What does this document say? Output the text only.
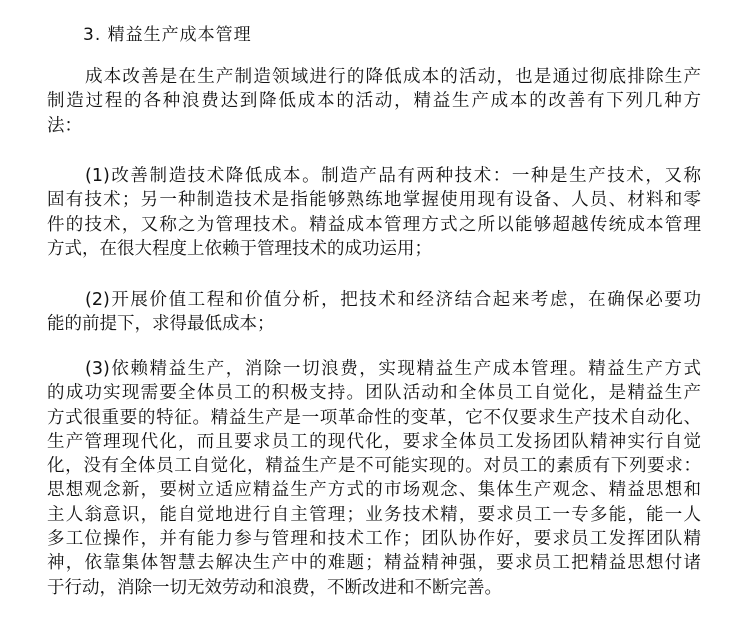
3. 精益生产成本管理
成本改善是在生产制造领域进行的降低成本的活动，也是通过彻底排除生产
制造过程的各种浪费达到降低成本的活动，精益生产成本的改善有下列几种方
法：
(1)改善制造技术降低成本。制造产品有两种技术：一种是生产技术，又称
固有技术；另一种制造技术是指能够熟练地掌握使用现有设备、人员、材料和零
件的技术，又称之为管理技术。精益成本管理方式之所以能够超越传统成本管理
方式，在很大程度上依赖于管理技术的成功运用；
(2)开展价值工程和价值分析，把技术和经济结合起来考虑，在确保必要功
能的前提下，求得最低成本；
(3)依赖精益生产，消除一切浪费，实现精益生产成本管理。精益生产方式
的成功实现需要全体员工的积极支持。团队活动和全体员工自觉化，是精益生产
方式很重要的特征。精益生产是一项革命性的变革，它不仅要求生产技术自动化、
生产管理现代化，而且要求员工的现代化，要求全体员工发扬团队精神实行自觉
化，没有全体员工自觉化，精益生产是不可能实现的。对员工的素质有下列要求：
思想观念新，要树立适应精益生产方式的市场观念、集体生产观念、精益思想和
主人翁意识，能自觉地进行自主管理；业务技术精，要求员工一专多能，能一人
多工位操作，并有能力参与管理和技术工作；团队协作好，要求员工发挥团队精
神，依靠集体智慧去解决生产中的难题；精益精神强，要求员工把精益思想付诸
于行动，消除一切无效劳动和浪费，不断改进和不断完善。
